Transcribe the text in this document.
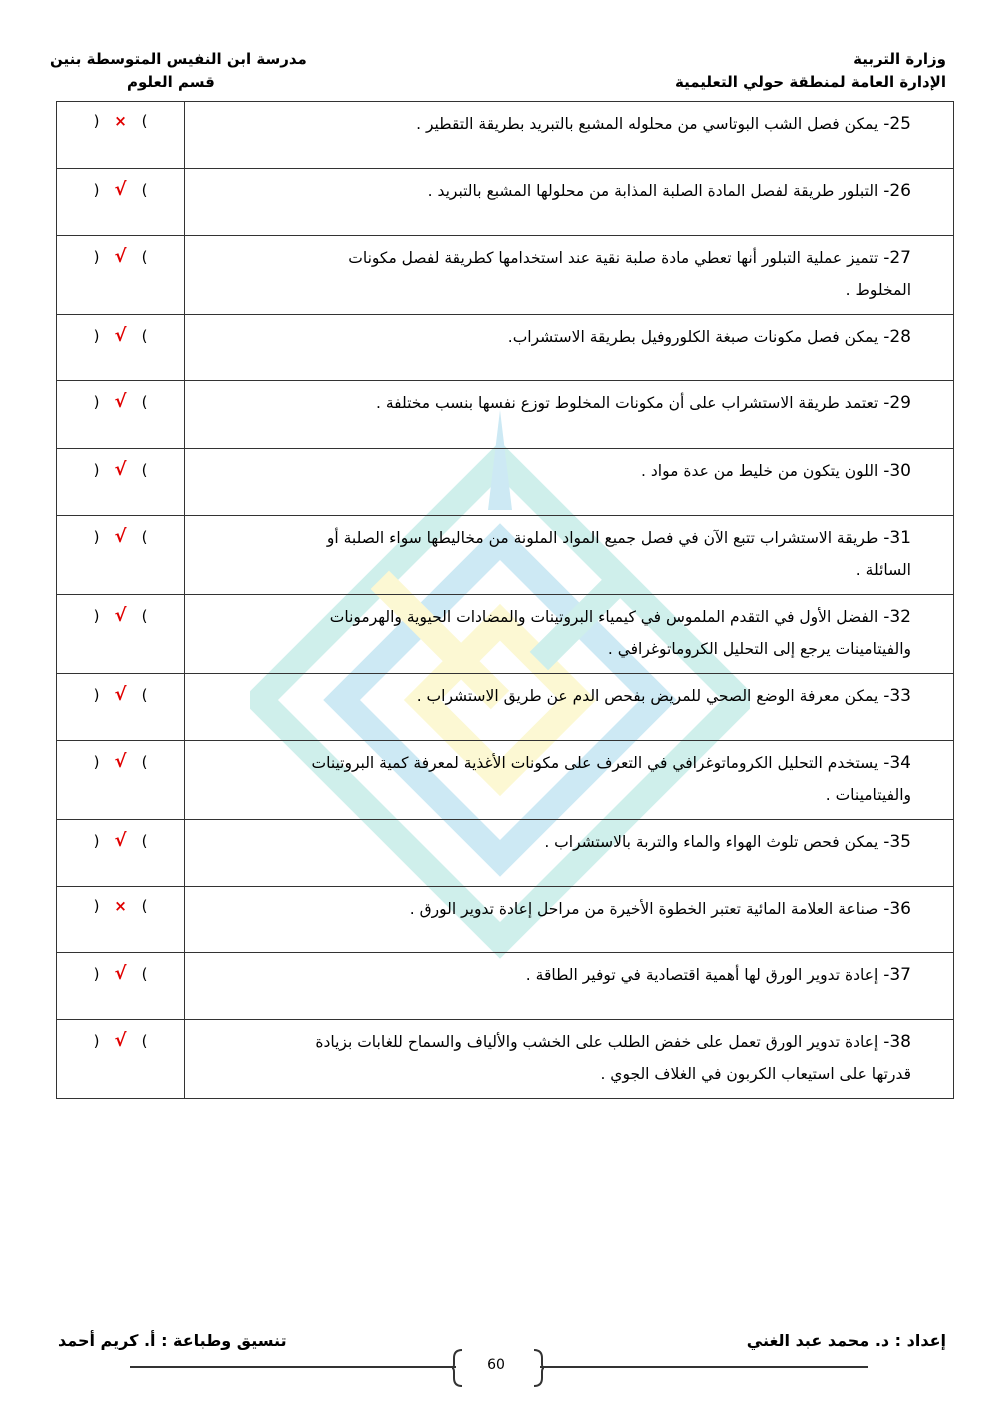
وزارة التربية
الإدارة العامة لمنطقة حولي التعليمية
مدرسة ابن النفيس المتوسطة بنين
قسم العلوم
25- يمكن فصل الشب البوتاسي من محلوله المشبع بالتبريد بطريقة التقطير .	)×(

26- التبلور طريقة لفصل المادة الصلبة المذابة من محلولها المشبع بالتبريد .	)√(

27- تتميز عملية التبلور أنها تعطي مادة صلبة نقية عند استخدامها كطريقة لفصل مكونات
المخلوط .	)√(

28- يمكن فصل مكونات صبغة الكلوروفيل بطريقة الاستشراب.	)√(

29- تعتمد طريقة الاستشراب على أن مكونات المخلوط توزع نفسها بنسب مختلفة .	)√(

30- اللون يتكون من خليط من عدة مواد .	)√(

31- طريقة الاستشراب تتبع الآن في فصل جميع المواد الملونة من مخاليطها سواء الصلبة أو
السائلة .	)√(

32- الفضل الأول في التقدم الملموس في كيمياء البروتينات والمضادات الحيوية والهرمونات
والفيتامينات يرجع إلى التحليل الكروماتوغرافي .	)√(

33- يمكن معرفة الوضع الصحي للمريض بفحص الدم عن طريق الاستشراب .	)√(

34- يستخدم التحليل الكروماتوغرافي في التعرف على مكونات الأغذية لمعرفة كمية البروتينات
والفيتامينات .	)√(

35- يمكن فحص تلوث الهواء والماء والتربة بالاستشراب .	)√(

36- صناعة العلامة المائية تعتبر الخطوة الأخيرة من مراحل إعادة تدوير الورق .	)×(

37- إعادة تدوير الورق لها أهمية اقتصادية في توفير الطاقة .	)√(

38- إعادة تدوير الورق تعمل على خفض الطلب على الخشب والألياف والسماح للغابات بزيادة
قدرتها على استيعاب الكربون في الغلاف الجوي .	)√(
إعداد : د. محمد عبد الغني
تنسيق وطباعة : أ. كريم أحمد
60
